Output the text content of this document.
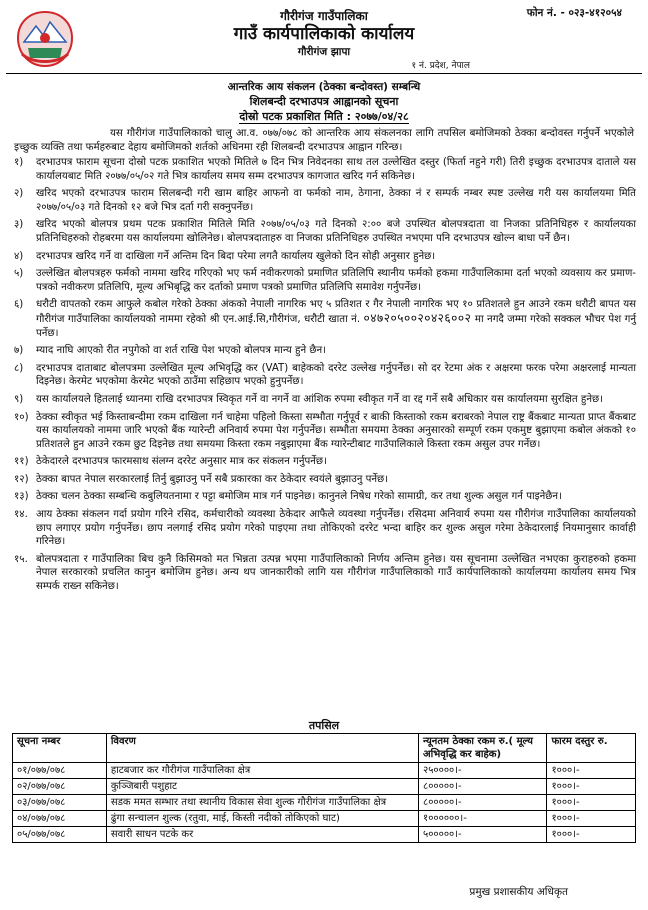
फोन नं. - ०२३-४१२०५४
गौरीगंज गाउँपालिका
गाउँ कार्यपालिकाको कार्यालय
गौरीगंज झापा
१ नं. प्रदेश, नेपाल
आन्तरिक आय संकलन (ठेक्का बन्दोवस्त) सम्बन्धि
शिलबन्दी दरभाउपत्र आह्वानको सूचना
दोस्रो पटक प्रकाशित मिति : २०७७/०४/२८
यस गौरीगंज गाउँपालिकाको चालु आ.व. ०७७/०७८ को आन्तरिक आय संकलनका लागि तपसिल बमोजिमको ठेक्का बन्दोवस्त गर्नुपर्ने भएकोले इच्छुक व्यक्ति तथा फर्महरुबाट देहाय बमोजिमको शर्तको अधिनमा रही शिलबन्दी दरभाउपत्र आह्वान गरिन्छ।
१) दरभाउपत्र फाराम सूचना दोस्रो पटक प्रकाशित भएको मितिले ७ दिन भित्र निवेदनका साथ तल उल्लेखित दस्तुर (फिर्ता नहुने गरी) तिरी इच्छुक दरभाउपत्र दाताले यस कार्यालयबाट मिति २०७७/०५/०२ गते भित्र कार्यालय समय सम्म दरभाउपत्र कागजात खरिद गर्न सकिनेछ।
२) खरिद भएको दरभाउपत्र फाराम सिलबन्दी गरी खाम बाहिर आफनो वा फर्मको नाम, ठेगाना, ठेक्का नं र सम्पर्क नम्बर स्पष्ट उल्लेख गरी यस कार्यालयमा मिति २०७७/०५/०३ गते दिनको १२ बजे भित्र दर्ता गरी सक्नुपर्नेछ।
३) खरिद भएको बोलपत्र प्रथम पटक प्रकाशित मितिले मिति २०७७/०५/०३ गते दिनको २:०० बजे उपस्थित बोलपत्रदाता वा निजका प्रतिनिधिहरु र कार्यालयका प्रतिनिधिहरुको रोहबरमा यस कार्यालयमा खोलिनेछ। बोलपत्रदाताहरु वा निजका प्रतिनिधिहरु उपस्थित नभएमा पनि दरभाउपत्र खोल्न बाधा पर्ने छैन।
४) दरभाउपत्र खरिद गर्ने वा दाखिला गर्ने अन्तिम दिन बिदा परेमा लगतै कार्यालय खुलेको दिन सोही अनुसार हुनेछ।
५) उल्लेखित बोलपत्रहरु फर्मको नाममा खरिद गरिएको भए फर्म नवीकरणको प्रमाणित प्रतिलिपि स्थानीय फर्मको हकमा गाउँपालिकामा दर्ता भएको व्यवसाय कर प्रमाण-पत्रको नवीकरण प्रतिलिपि, मूल्य अभिबृद्धि कर दर्ताको प्रमाण पत्रको प्रमाणित प्रतिलिपि समावेश गर्नुपर्नेछ।
६) धरौटी वापतको रकम आफुले कबोल गरेको ठेक्का अंकको नेपाली नागरिक भए ५ प्रतिशत र गैर नेपाली नागरिक भए १० प्रतिशतले हुन आउने रकम धरौटी बापत यस गौरीगंज गाउँपालिका कार्यालयको नाममा रहेको श्री एन.आई.सि,गौरीगंज, धरौटी खाता नं. ०४७२०५००२०४२६००२ मा नगदै जम्मा गरेको सक्कल भौचर पेश गर्नु पर्नेछ।
७) म्याद नाघि आएको रीत नपुगेको वा शर्त राखि पेश भएको बोलपत्र मान्य हुने छैन।
८) दरभाउपत्र दाताबाट बोलपत्रमा उल्लेखित मूल्य अभिवृद्धि कर (VAT) बाहेकको दररेट उल्लेख गर्नुपर्नेछ। सो दर रेटमा अंक र अक्षरमा फरक परेमा अक्षरलाई मान्यता दिइनेछ। केरमेट भएकोमा केरमेट भएको ठाउँमा सहिछाप भएको हुनुपर्नेछ।
९) यस कार्यालयले हितलाई ध्यानमा राखि दरभाउपत्र स्विकृत गर्ने वा नगर्ने वा आंशिक रुपमा स्वीकृत गर्ने वा रद्द गर्ने सबै अधिकार यस कार्यालयमा सुरक्षित हुनेछ।
१०) ठेक्का स्वीकृत भई किस्ताबन्दीमा रकम दाखिला गर्न चाहेमा पहिलो किस्ता सम्भौता गर्नुपूर्व र बाकी किस्ताको रकम बराबरको नेपाल राष्ट्र बैंकबाट मान्यता प्राप्त बैंकबाट यस कार्यालयको नाममा जारि भएको बैंक ग्यारेन्टी अनिवार्य रुपमा पेश गर्नुपर्नेछ। सम्भौता समयमा ठेक्का अनुसारको सम्पूर्ण रकम एकमुष्ट बुझाएमा कबोल अंकको १० प्रतिशतले हुन आउने रकम छुट दिइनेछ तथा समयमा किस्ता रकम नबुझाएमा बैंक ग्यारेन्टीबाट गाउँपालिकाले किस्ता रकम असुल उपर गर्नेछ।
११) ठेकेदारले दरभाउपत्र फारमसाथ संलग्न दररेट अनुसार मात्र कर संकलन गर्नुपर्नेछ।
१२) ठेक्का बापत नेपाल सरकारलाई तिर्नु बुझाउनु पर्ने सबै प्रकारका कर ठेकेदार स्वयंले बुझाउनु पर्नेछ।
१३) ठेक्का चलन ठेक्का सम्बन्धि कबुलियतनामा र पट्टा बमोजिम मात्र गर्न पाइनेछ। कानुनले निषेध गरेको सामाग्री, कर तथा शुल्क असुल गर्न पाइनेछैन।
१४. आय ठेक्का संकलन गर्दा प्रयोग गरिने रसिद, कर्मचारीको व्यवस्था ठेकेदार आफैले व्यवस्था गर्नुपर्नेछ। रसिदमा अनिवार्य रुपमा यस गौरीगंज गाउँपालिका कार्यालयको छाप लगाएर प्रयोग गर्नुपर्नेछ। छाप नलगाई रसिद प्रयोग गरेको पाइएमा तथा तोकिएको दररेट भन्दा बाहिर कर शुल्क असुल गरेमा ठेकेदारलाई नियमानुसार कार्वाही गरिनेछ।
१५. बोलपत्रदाता र गाउँपालिका बिच कुनै किसिमको मत भिन्नता उत्पन्न भएमा गाउँपालिकाको निर्णय अन्तिम हुनेछ। यस सूचनामा उल्लेखित नभएका कुराहरुको हकमा नेपाल सरकारको प्रचलित कानुन बमोजिम हुनेछ। अन्य थप जानकारीको लागि यस गौरीगंज गाउँपालिकाको गाउँ कार्यपालिकाको कार्यालयमा कार्यालय समय भित्र सम्पर्क राख्न सकिनेछ।
तपसिल
सूचना नम्बर	विवरण	न्यूनतम ठेक्का रकम रु.( मूल्य अभिवृद्धि कर बाहेक)	फारम दस्तुर रु.
०१/०७७/०७८	हाटबजार कर गौरीगंज गाउँपालिका क्षेत्र	२५००००।-	१०००।-
०२/०७७/०७८	कुञ्जिबारी पशुहाट	८०००००।-	१०००।-
०३/०७७/०७८	सडक ममत सम्भार तथा स्थानीय विकास सेवा शुल्क गौरीगंज गाउँपालिका क्षेत्र	८०००००।-	१०००।-
०४/०७७/०७८	ढुंगा सन्चालन शुल्क (रतुवा, माई, किस्ती नदीको तोकिएको घाट)	१००००००।-	१०००।-
०५/०७७/०७८	सवारी साधन पटके कर	५०००००।-	१०००।-
प्रमुख प्रशासकीय अधिकृत
